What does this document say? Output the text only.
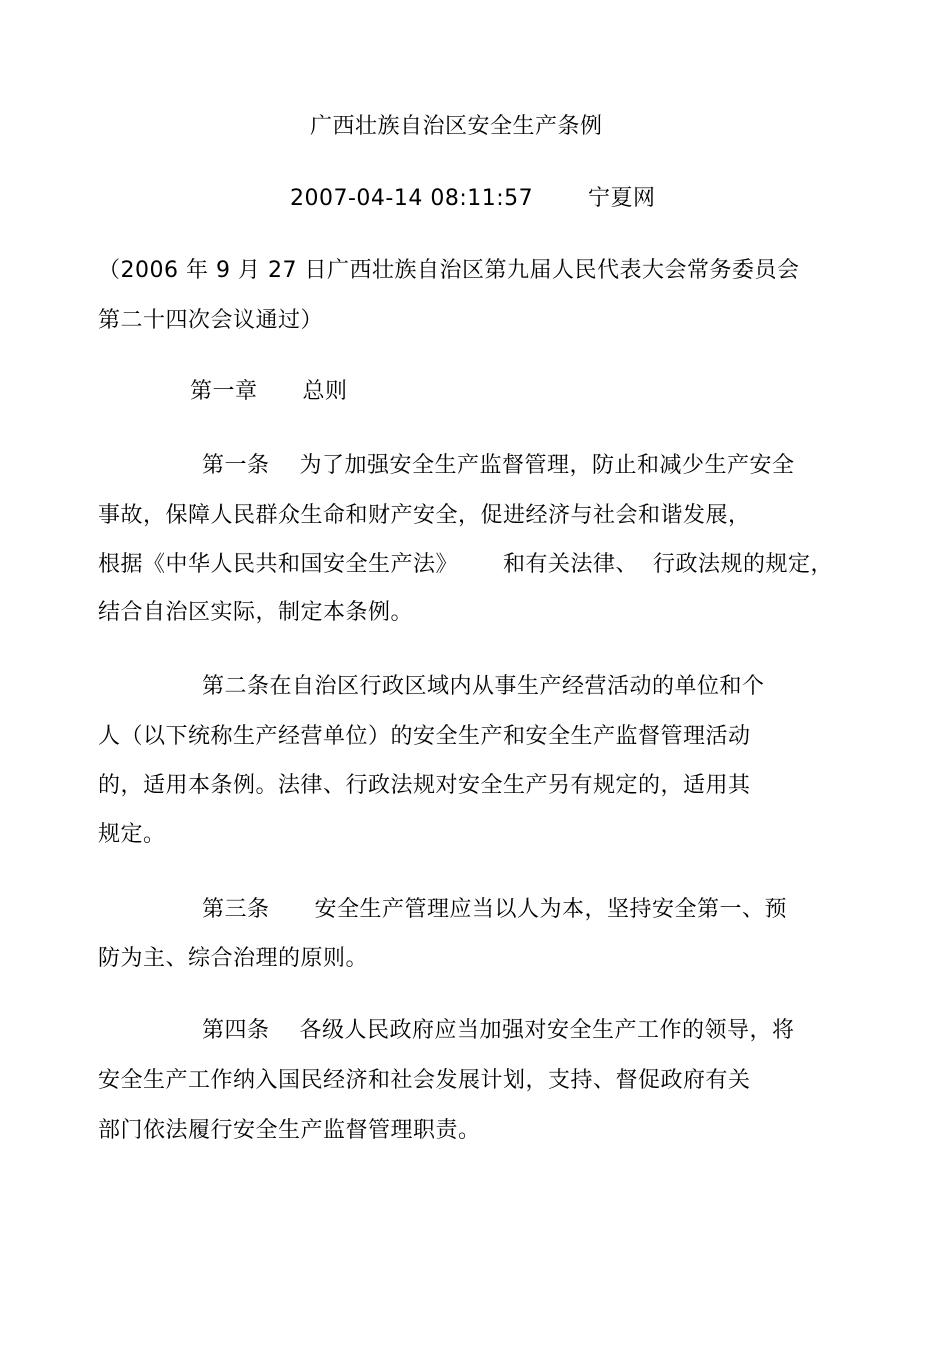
广西壮族自治区安全生产条例
2007-04-14 08:11:57 宁夏网
（2006 年 9 月 27 日广西壮族自治区第九届人民代表大会常务委员会
第二十四次会议通过）
第一章      总则
第一条    为了加强安全生产监督管理，防止和减少生产安全
事故，保障人民群众生命和财产安全，促进经济与社会和谐发展，
根据《中华人民共和国安全生产法》      和有关法律、  行政法规的规定，
结合自治区实际，制定本条例。
第二条在自治区行政区域内从事生产经营活动的单位和个
人（以下统称生产经营单位）的安全生产和安全生产监督管理活动
的，适用本条例。法律、行政法规对安全生产另有规定的，适用其
规定。
第三条      安全生产管理应当以人为本，坚持安全第一、预
防为主、综合治理的原则。
第四条    各级人民政府应当加强对安全生产工作的领导，将
安全生产工作纳入国民经济和社会发展计划，支持、督促政府有关
部门依法履行安全生产监督管理职责。
